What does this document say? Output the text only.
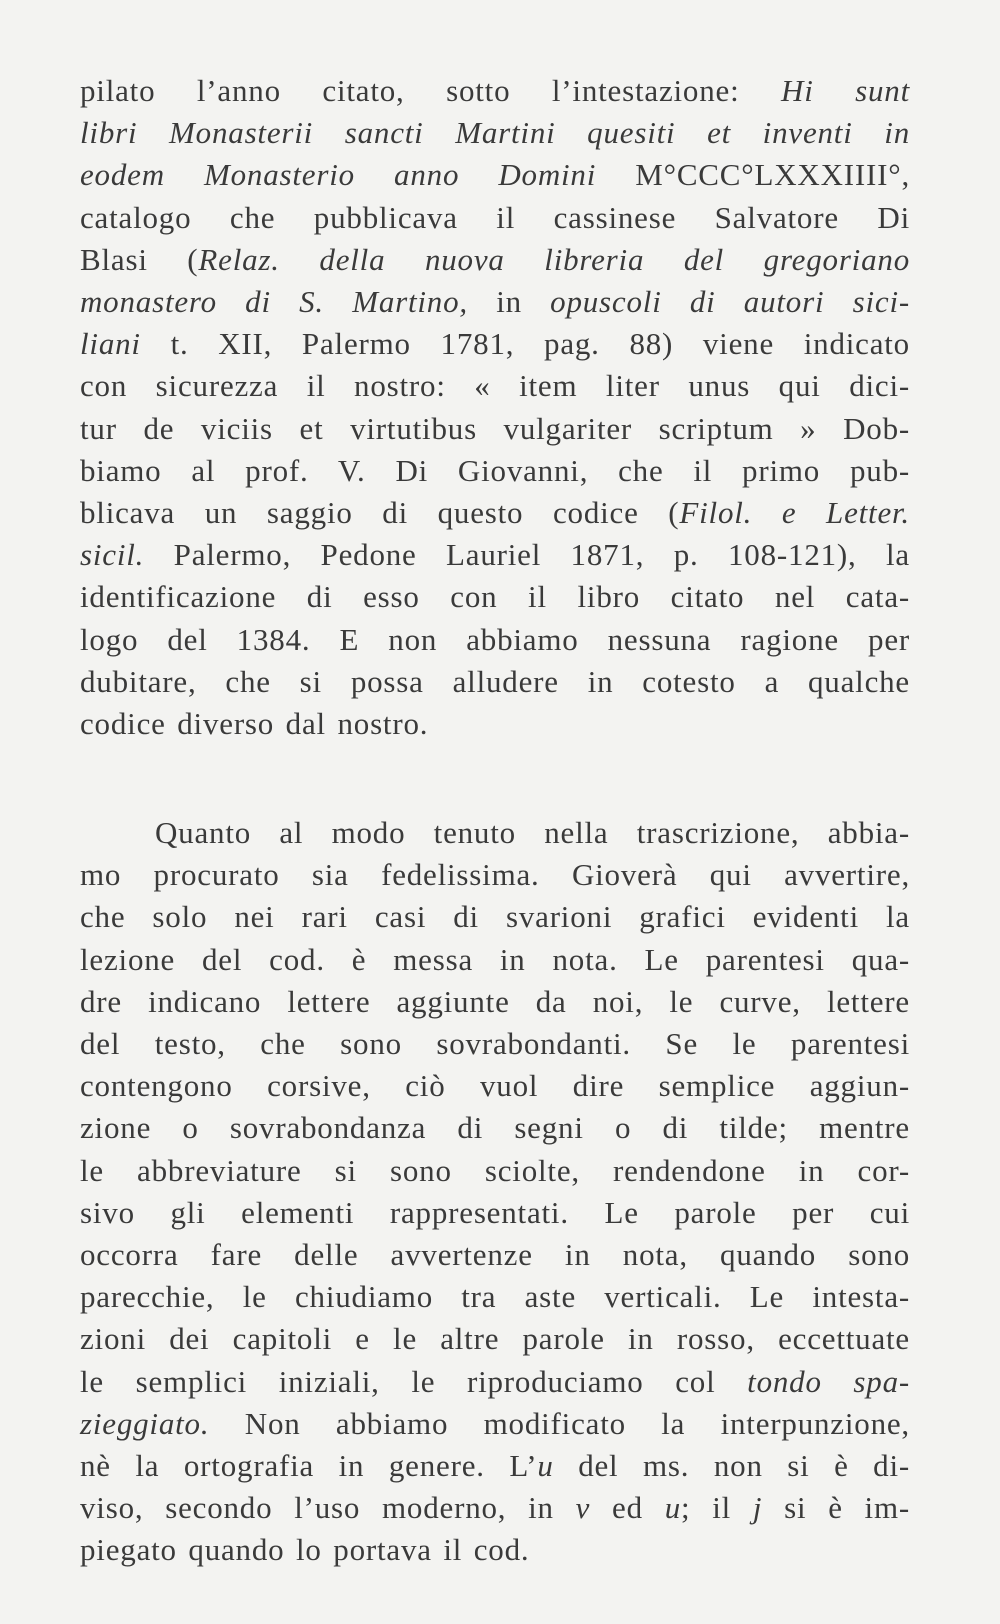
pilato l’anno citato, sotto l’intestazione: Hi sunt
libri Monasterii sancti Martini quesiti et inventi in
eodem Monasterio anno Domini M°CCC°LXXXIIII°,
catalogo che pubblicava il cassinese Salvatore Di
Blasi (Relaz. della nuova libreria del gregoriano
monastero di S. Martino, in opuscoli di autori sici-
liani t. XII, Palermo 1781, pag. 88) viene indicato
con sicurezza il nostro: « item liter unus qui dici-
tur de viciis et virtutibus vulgariter scriptum » Dob-
biamo al prof. V. Di Giovanni, che il primo pub-
blicava un saggio di questo codice (Filol. e Letter.
sicil. Palermo, Pedone Lauriel 1871, p. 108-121), la
identificazione di esso con il libro citato nel cata-
logo del 1384. E non abbiamo nessuna ragione per
dubitare, che si possa alludere in cotesto a qualche
codice diverso dal nostro.
Quanto al modo tenuto nella trascrizione, abbia-
mo procurato sia fedelissima. Gioverà qui avvertire,
che solo nei rari casi di svarioni grafici evidenti la
lezione del cod. è messa in nota. Le parentesi qua-
dre indicano lettere aggiunte da noi, le curve, lettere
del testo, che sono sovrabondanti. Se le parentesi
contengono corsive, ciò vuol dire semplice aggiun-
zione o sovrabondanza di segni o di tilde; mentre
le abbreviature si sono sciolte, rendendone in cor-
sivo gli elementi rappresentati. Le parole per cui
occorra fare delle avvertenze in nota, quando sono
parecchie, le chiudiamo tra aste verticali. Le intesta-
zioni dei capitoli e le altre parole in rosso, eccettuate
le semplici iniziali, le riproduciamo col tondo spa-
zieggiato. Non abbiamo modificato la interpunzione,
nè la ortografia in genere. L’u del ms. non si è di-
viso, secondo l’uso moderno, in v ed u; il j si è im-
piegato quando lo portava il cod.
